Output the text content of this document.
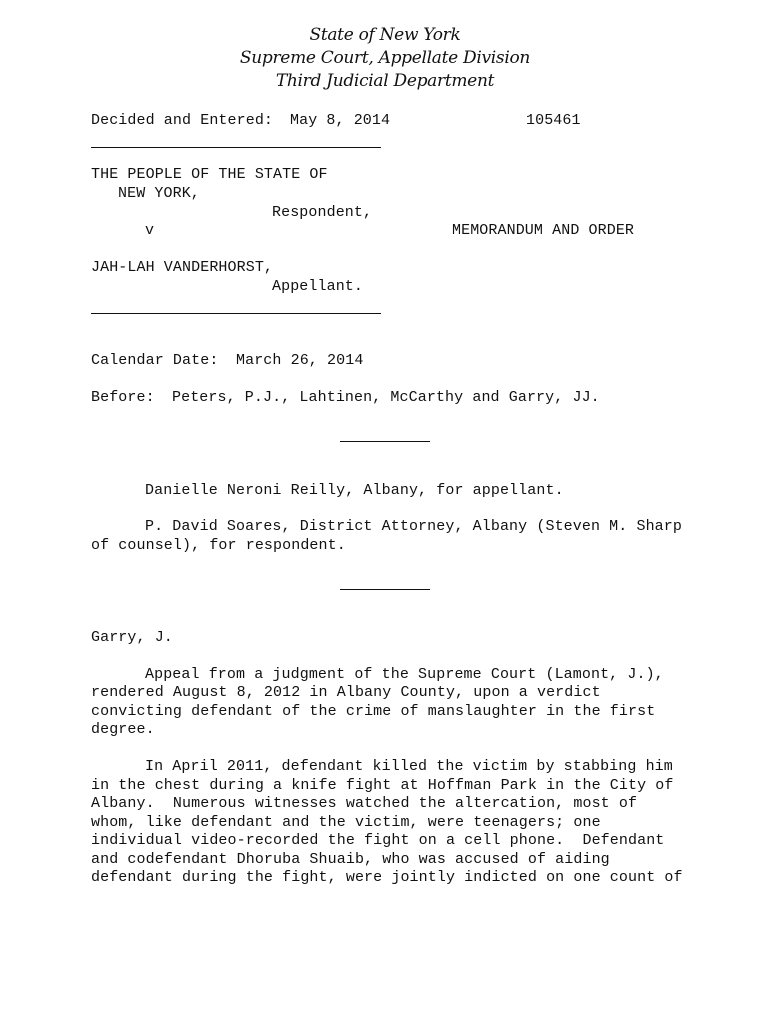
State of New York
Supreme Court, Appellate Division
Third Judicial Department
Decided and Entered: May 8, 2014	105461
THE PEOPLE OF THE STATE OF
NEW YORK,
Respondent,
v	MEMORANDUM AND ORDER
JAH-LAH VANDERHORST,
Appellant.
Calendar Date: March 26, 2014
Before: Peters, P.J., Lahtinen, McCarthy and Garry, JJ.
Danielle Neroni Reilly, Albany, for appellant.
P. David Soares, District Attorney, Albany (Steven M. Sharp
of counsel), for respondent.
Garry, J.
Appeal from a judgment of the Supreme Court (Lamont, J.),
rendered August 8, 2012 in Albany County, upon a verdict
convicting defendant of the crime of manslaughter in the first
degree.
In April 2011, defendant killed the victim by stabbing him
in the chest during a knife fight at Hoffman Park in the City of
Albany.  Numerous witnesses watched the altercation, most of
whom, like defendant and the victim, were teenagers; one
individual video-recorded the fight on a cell phone.  Defendant
and codefendant Dhoruba Shuaib, who was accused of aiding
defendant during the fight, were jointly indicted on one count of
